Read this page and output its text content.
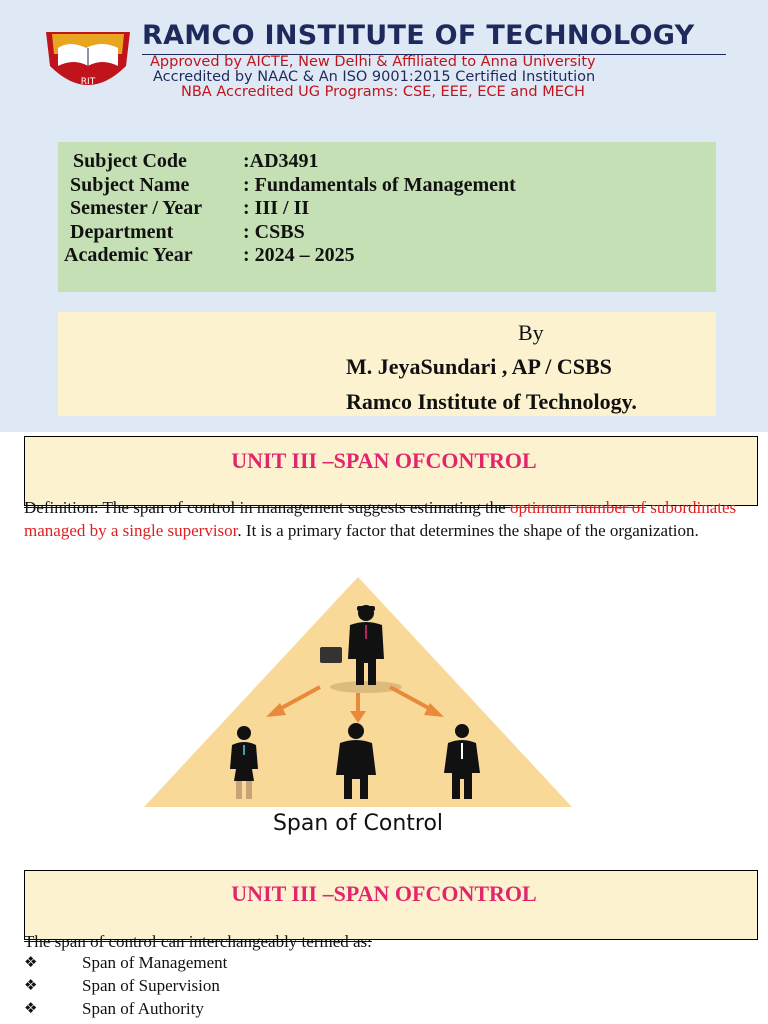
RIT
RAMCO INSTITUTE OF TECHNOLOGY
Approved by AICTE, New Delhi & Affiliated to Anna University
Accredited by NAAC & An ISO 9001:2015 Certified Institution
NBA Accredited UG Programs: CSE, EEE, ECE and MECH
Subject Code	:AD3491
Subject Name	: Fundamentals of Management
Semester / Year : III / II
Department	: CSBS
Academic Year	: 2024 – 2025
By
M. JeyaSundari , AP / CSBS
Ramco Institute of Technology.
UNIT III –SPAN OFCONTROL
Definition: The span of control in management suggests estimating the optimum number of subordinates managed by a single supervisor. It is a primary factor that determines the shape of the organization.
Span of Control
UNIT III –SPAN OFCONTROL
The span of control can interchangeably termed as:
❖	Span of Management
❖	Span of Supervision
❖	Span of Authority
